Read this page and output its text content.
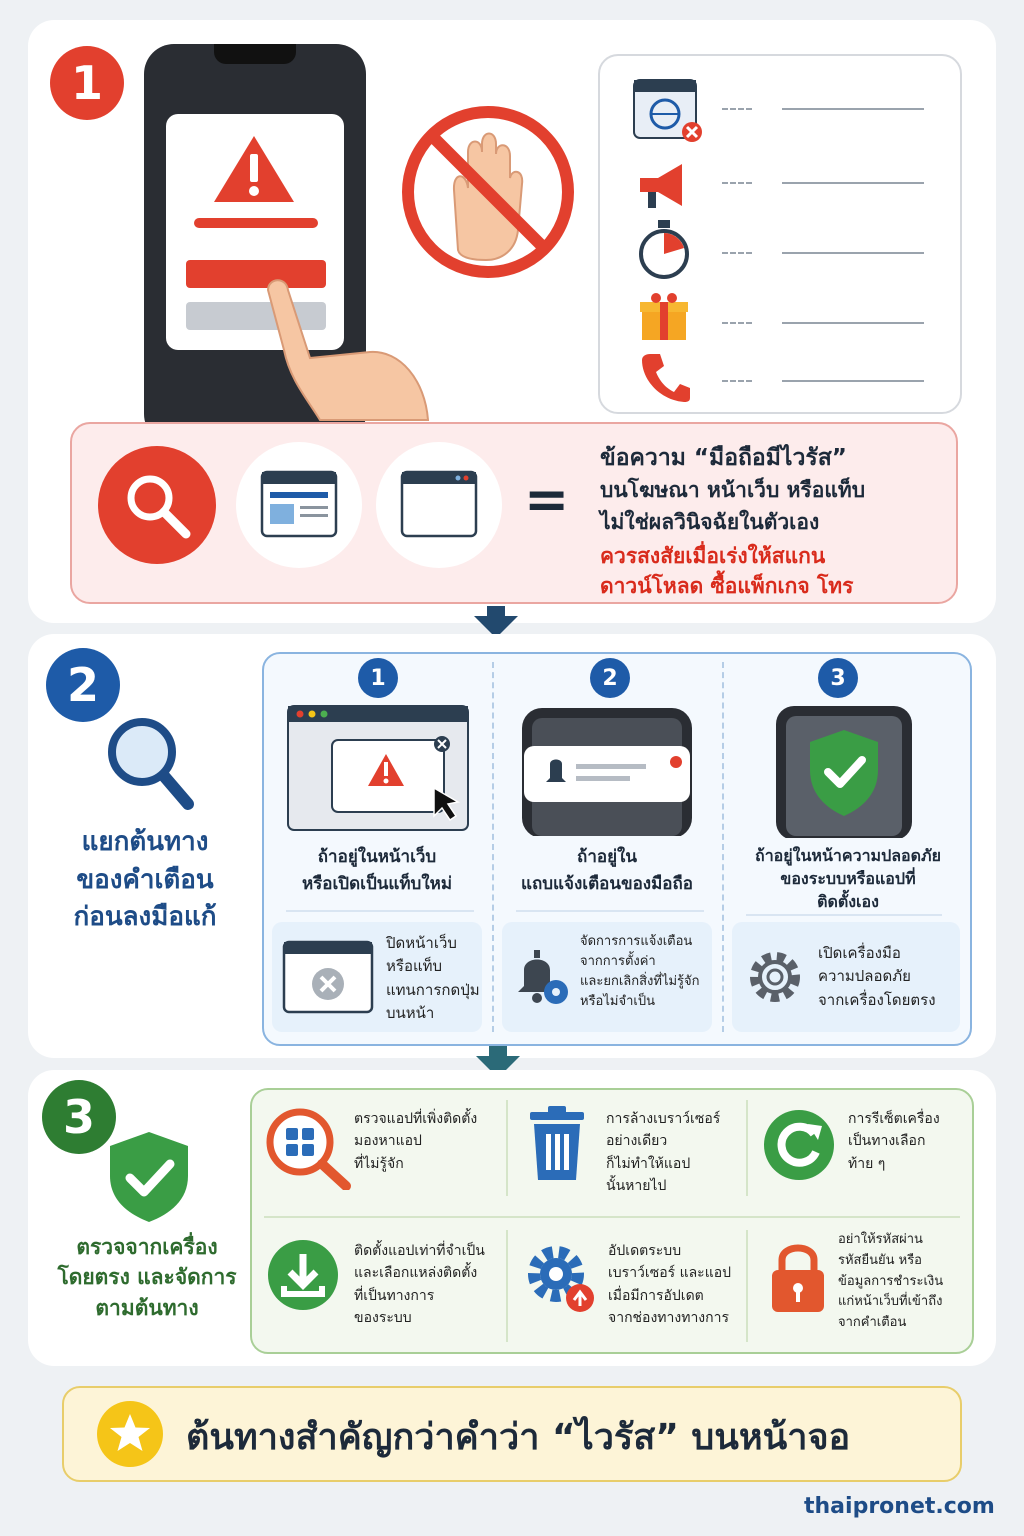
1
=
ข้อความ “มือถือมีไวรัส”
บนโฆษณา หน้าเว็บ หรือแท็บ
ไม่ใช่ผลวินิจฉัยในตัวเอง
ควรสงสัยเมื่อเร่งให้สแกน
ดาวน์โหลด ซื้อแพ็กเกจ โทร
2
แยกต้นทาง
ของคำเตือน
ก่อนลงมือแก้
1
ถ้าอยู่ในหน้าเว็บ
หรือเปิดเป็นแท็บใหม่
ปิดหน้าเว็บ
หรือแท็บ
แทนการกดปุ่ม
บนหน้า
2
ถ้าอยู่ใน
แถบแจ้งเตือนของมือถือ
จัดการการแจ้งเตือน
จากการตั้งค่า
และยกเลิกสิ่งที่ไม่รู้จัก
หรือไม่จำเป็น
3
ถ้าอยู่ในหน้าความปลอดภัย
ของระบบหรือแอปที่
ติดตั้งเอง
เปิดเครื่องมือ
ความปลอดภัย
จากเครื่องโดยตรง
3
ตรวจจากเครื่อง
โดยตรง และจัดการ
ตามต้นทาง
ตรวจแอปที่เพิ่งติดตั้ง
มองหาแอป
ที่ไม่รู้จัก
การล้างเบราว์เซอร์
อย่างเดียว
ก็ไม่ทำให้แอป
นั้นหายไป
การรีเซ็ตเครื่อง
เป็นทางเลือก
ท้าย ๆ
ติดตั้งแอปเท่าที่จำเป็น
และเลือกแหล่งติดตั้ง
ที่เป็นทางการ
ของระบบ
อัปเดตระบบ
เบราว์เซอร์ และแอป
เมื่อมีการอัปเดต
จากช่องทางทางการ
อย่าให้รหัสผ่าน
รหัสยืนยัน หรือ
ข้อมูลการชำระเงิน
แก่หน้าเว็บที่เข้าถึง
จากคำเตือน
ต้นทางสำคัญกว่าคำว่า “ไวรัส” บนหน้าจอ
thaipronet.com
